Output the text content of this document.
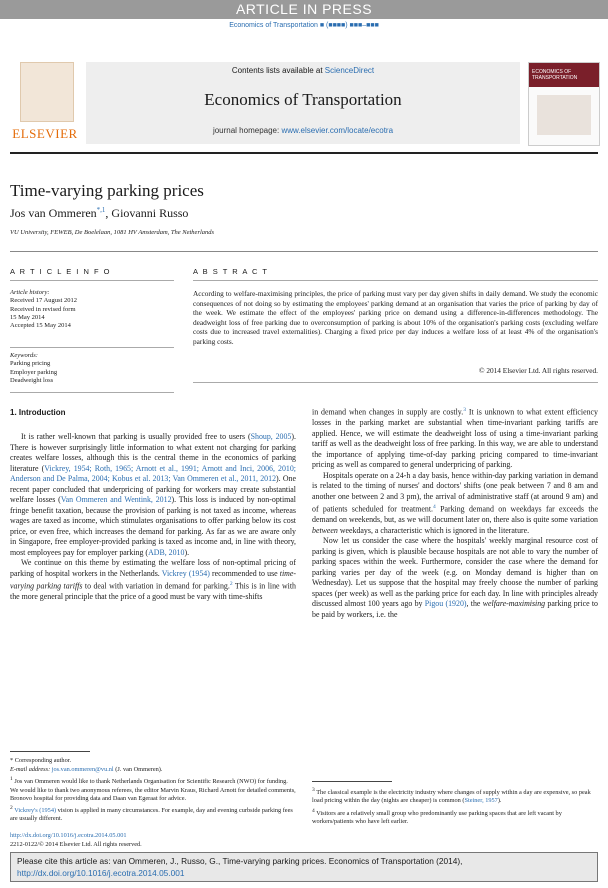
ARTICLE IN PRESS
Economics of Transportation ■ (■■■■) ■■■–■■■
ELSEVIER
Contents lists available at ScienceDirect
Economics of Transportation
journal homepage: www.elsevier.com/locate/ecotra
ECONOMICS OF TRANSPORTATION
Time-varying parking prices
Jos van Ommeren$^{*,1}$, Giovanni Russo
VU University, FEWEB, De Boelelaan, 1081 HV Amsterdam, The Netherlands
A R T I C L E I N F O
Article history:
Received 17 August 2012
Received in revised form
15 May 2014
Accepted 15 May 2014
Keywords:
Parking pricing
Employer parking
Deadweight loss
A B S T R A C T
According to welfare-maximising principles, the price of parking must vary per day given shifts in daily demand. We study the economic consequences of not doing so by estimating the employees' parking demand at an organisation that varies the price of parking by day of the week. We estimate the effect of the employees' parking price on demand using a difference-in-differences methodology. The deadweight loss of free parking due to overconsumption of parking is about 10% of the organisation's parking costs (excluding welfare costs due to increased travel externalities). Charging a fixed price per day induces a welfare loss of at least 4% of the organisation's parking costs.
© 2014 Elsevier Ltd. All rights reserved.
1. Introduction

It is rather well-known that parking is usually provided free to users (Shoup, 2005). There is however surprisingly little information to what extent not charging for parking creates welfare losses, although this is the central theme in the economics of parking literature (Vickrey, 1954; Roth, 1965; Arnott et al., 1991; Arnott and Inci, 2006, 2010; Anderson and De Palma, 2004; Kobus et al. 2013; Van Ommeren et al., 2011, 2012). One recent paper concluded that underpricing of parking for workers may create substantial welfare losses (Van Ommeren and Wentink, 2012). This loss is induced by non-optimal fringe benefit taxation, because the provision of parking is not taxed as income, whereas wages are taxed as income, which stimulates organisations to offer parking below its cost price, or even free, which increases the demand for parking. As far as we are aware only in Singapore, free employer-provided parking is taxed as income and, in line with theory, most employees pay for employer parking (ADB, 2010).

We continue on this theme by estimating the welfare loss of non-optimal pricing of parking of hospital workers in the Netherlands. Vickrey (1954) recommended to use time-varying parking tariffs to deal with variation in demand for parking.$^2$ This is in line with the more general principle that the price of a good must be vary with time-shifts

in demand when changes in supply are costly.$^3$ It is unknown to what extent efficiency losses in the parking market are substantial when time-invariant parking tariffs are applied. Hence, we will estimate the deadweight loss of using a time-invariant parking tariff as well as the deadweight loss of free parking. In this way, we are able to understand the importance of applying time-of-day parking pricing compared to time-invariant pricing as well as compared to general underpricing of parking.

Hospitals operate on a 24-h a day basis, hence within-day parking variation in demand is related to the timing of nurses' and doctors' shifts (one peak between 7 and 8 am and another one between 2 and 3 pm), the arrival of administrative staff (at around 9 am) and of patients scheduled for treatment.$^4$ Parking demand on weekdays far exceeds the demand on weekends, but, as we will document later on, there also is quite some variation between weekdays, a characteristic which is ignored in the literature.

Now let us consider the case where the hospitals' weekly marginal resource cost of parking is given, which is plausible because hospitals are not able to vary the number of parking spaces within the week. Furthermore, consider the case where the demand for parking varies per day of the week (e.g. on Monday demand is higher than on Wednesday). Let us suppose that the hospital may freely choose the number of parking spaces (per week) as well as the parking price for each day. In line with principles already discussed almost 100 years ago by Pigou (1920), the welfare-maximising parking price to be paid by workers, i.e. the

* Corresponding author.

E-mail address: jos.van.ommeren@vu.nl (J. van Ommeren).

$^1$ Jos van Ommeren would like to thank Netherlands Organisation for Scientific Research (NWO) for funding. We would like to thank two anonymous referees, the editor Marvin Kraus, Richard Arnott for detailed comments, Bronovo hospital for providing data and Daan van Egeraat for advice.

$^2$ Vickrey's (1954) vision is applied in many circumstances. For example, day and evening curbside parking fees are usually different.

http://dx.doi.org/10.1016/j.ecotra.2014.05.001

2212-0122/© 2014 Elsevier Ltd. All rights reserved.

$^3$ The classical example is the electricity industry where changes of supply within a day are expensive, so peak load pricing within the day (nights are cheaper) is common (Steiner, 1957).

$^4$ Visitors are a relatively small group who predominantly use parking spaces that are left vacant by workers/patients who have left earlier.

Please cite this article as: van Ommeren, J., Russo, G., Time-varying parking prices. Economics of Transportation (2014), http://dx.doi.org/10.1016/j.ecotra.2014.05.001
